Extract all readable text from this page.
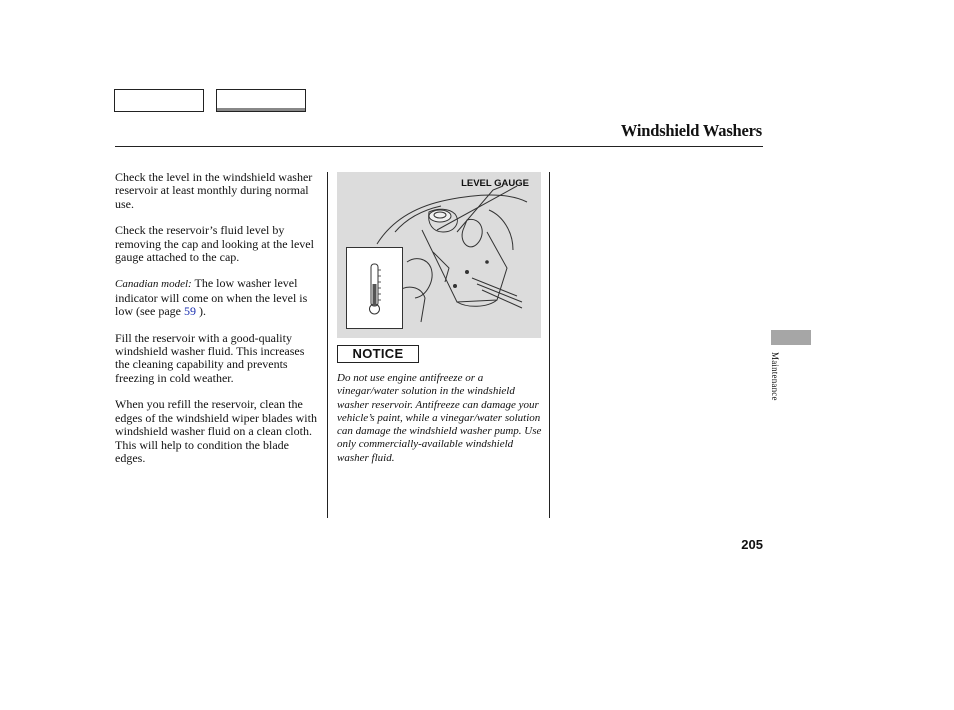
Windshield Washers

Check the level in the windshield washer reservoir at least monthly during normal use.

Check the reservoir’s fluid level by removing the cap and looking at the level gauge attached to the cap.

Canadian model: The low washer level indicator will come on when the level is low (see page 59 ).

Fill the reservoir with a good-quality windshield washer fluid. This increases the cleaning capability and prevents freezing in cold weather.

When you refill the reservoir, clean the edges of the windshield wiper blades with windshield washer fluid on a clean cloth. This will help to condition the blade edges.

LEVEL GAUGE
NOTICE
Do not use engine antifreeze or a vinegar/water solution in the windshield washer reservoir. Antifreeze can damage your vehicle’s paint, while a vinegar/water solution can damage the windshield washer pump. Use only commercially-available windshield washer fluid.
Maintenance
205
